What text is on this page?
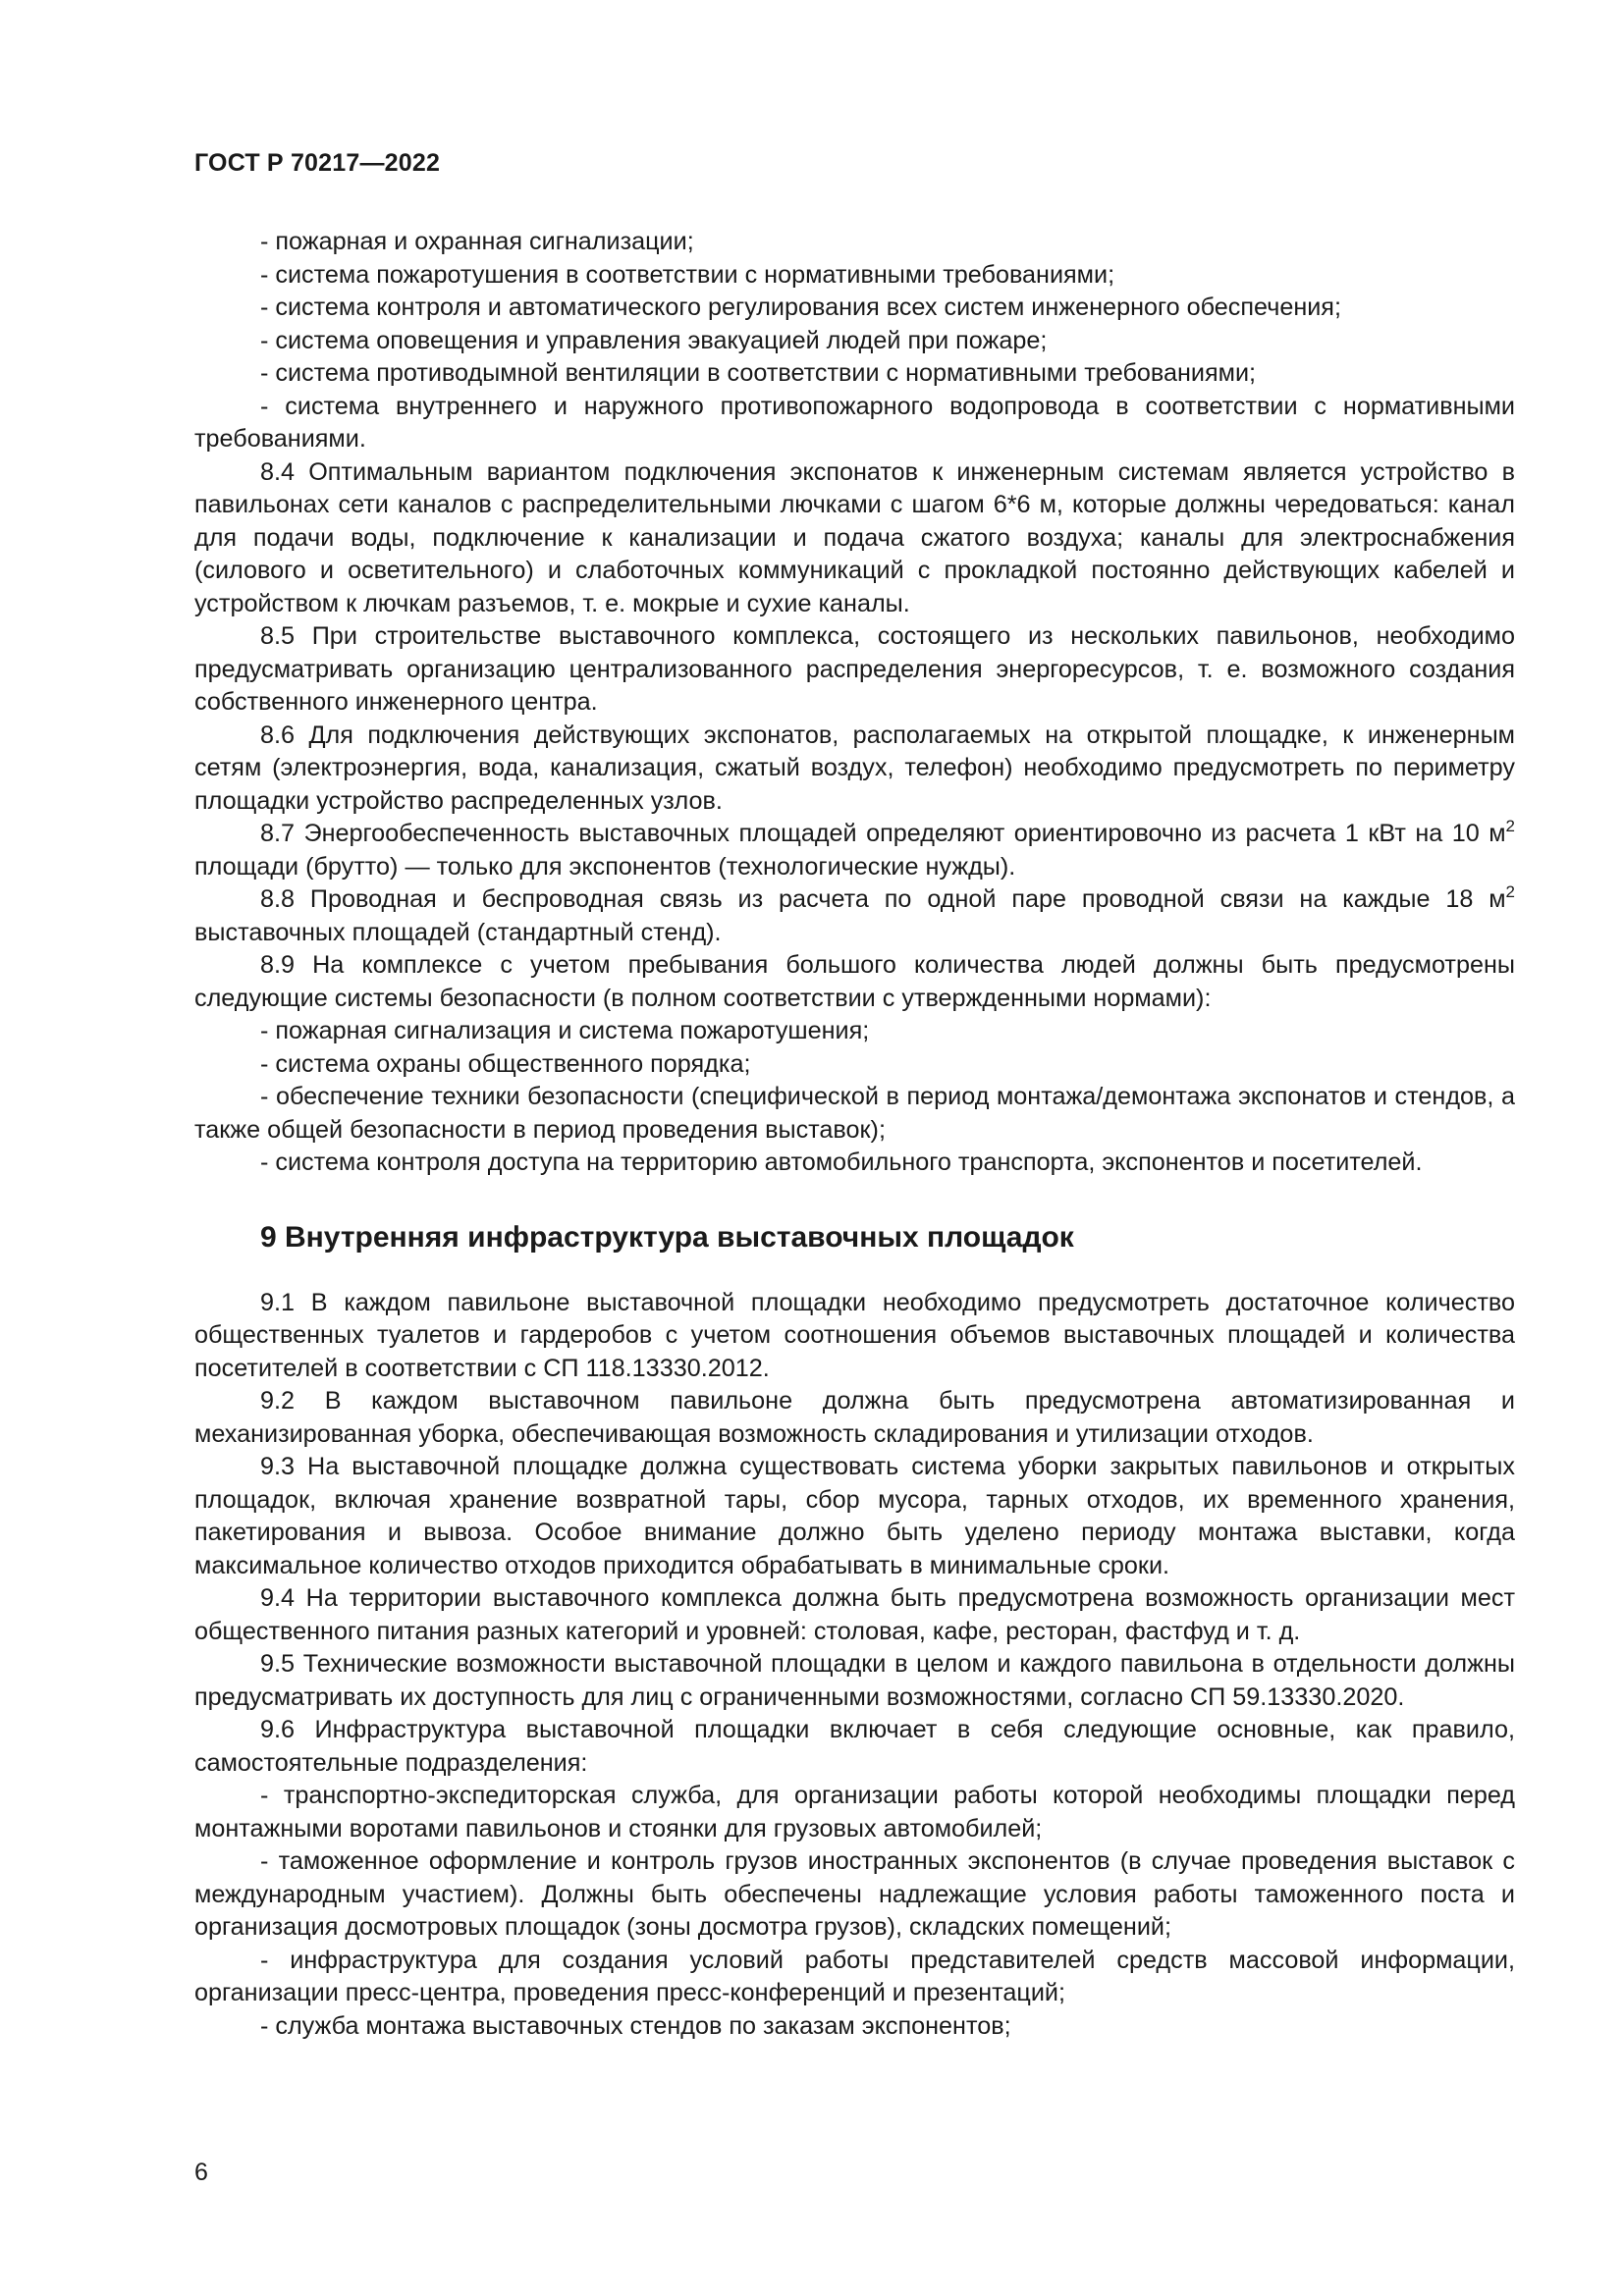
ГОСТ Р 70217—2022

- пожарная и охранная сигнализации;

- система пожаротушения в соответствии с нормативными требованиями;

- система контроля и автоматического регулирования всех систем инженерного обеспечения;

- система оповещения и управления эвакуацией людей при пожаре;

- система противодымной вентиляции в соответствии с нормативными требованиями;

- система внутреннего и наружного противопожарного водопровода в соответствии с нормативными требованиями.

8.4 Оптимальным вариантом подключения экспонатов к инженерным системам является устройство в павильонах сети каналов с распределительными лючками с шагом 6*6 м, которые должны чередоваться: канал для подачи воды, подключение к канализации и подача сжатого воздуха; каналы для электроснабжения (силового и осветительного) и слаботочных коммуникаций с прокладкой постоянно действующих кабелей и устройством к лючкам разъемов, т. е. мокрые и сухие каналы.

8.5 При строительстве выставочного комплекса, состоящего из нескольких павильонов, необходимо предусматривать организацию централизованного распределения энергоресурсов, т. е. возможного создания собственного инженерного центра.

8.6 Для подключения действующих экспонатов, располагаемых на открытой площадке, к инженерным сетям (электроэнергия, вода, канализация, сжатый воздух, телефон) необходимо предусмотреть по периметру площадки устройство распределенных узлов.

8.7 Энергообеспеченность выставочных площадей определяют ориентировочно из расчета 1 кВт на 10 $м^2$ площади (брутто) — только для экспонентов (технологические нужды).

8.8 Проводная и беспроводная связь из расчета по одной паре проводной связи на каждые 18 $м^2$ выставочных площадей (стандартный стенд).

8.9 На комплексе с учетом пребывания большого количества людей должны быть предусмотрены следующие системы безопасности (в полном соответствии с утвержденными нормами):

- пожарная сигнализация и система пожаротушения;

- система охраны общественного порядка;

- обеспечение техники безопасности (специфической в период монтажа/демонтажа экспонатов и стендов, а также общей безопасности в период проведения выставок);

- система контроля доступа на территорию автомобильного транспорта, экспонентов и посетителей.

9 Внутренняя инфраструктура выставочных площадок

9.1 В каждом павильоне выставочной площадки необходимо предусмотреть достаточное количество общественных туалетов и гардеробов с учетом соотношения объемов выставочных площадей и количества посетителей в соответствии с СП 118.13330.2012.

9.2 В каждом выставочном павильоне должна быть предусмотрена автоматизированная и механизированная уборка, обеспечивающая возможность складирования и утилизации отходов.

9.3 На выставочной площадке должна существовать система уборки закрытых павильонов и открытых площадок, включая хранение возвратной тары, сбор мусора, тарных отходов, их временного хранения, пакетирования и вывоза. Особое внимание должно быть уделено периоду монтажа выставки, когда максимальное количество отходов приходится обрабатывать в минимальные сроки.

9.4 На территории выставочного комплекса должна быть предусмотрена возможность организации мест общественного питания разных категорий и уровней: столовая, кафе, ресторан, фастфуд и т. д.

9.5 Технические возможности выставочной площадки в целом и каждого павильона в отдельности должны предусматривать их доступность для лиц с ограниченными возможностями, согласно СП 59.13330.2020.

9.6 Инфраструктура выставочной площадки включает в себя следующие основные, как правило, самостоятельные подразделения:

- транспортно-экспедиторская служба, для организации работы которой необходимы площадки перед монтажными воротами павильонов и стоянки для грузовых автомобилей;

- таможенное оформление и контроль грузов иностранных экспонентов (в случае проведения выставок с международным участием). Должны быть обеспечены надлежащие условия работы таможенного поста и организация досмотровых площадок (зоны досмотра грузов), складских помещений;

- инфраструктура для создания условий работы представителей средств массовой информации, организации пресс-центра, проведения пресс-конференций и презентаций;

- служба монтажа выставочных стендов по заказам экспонентов;

6
